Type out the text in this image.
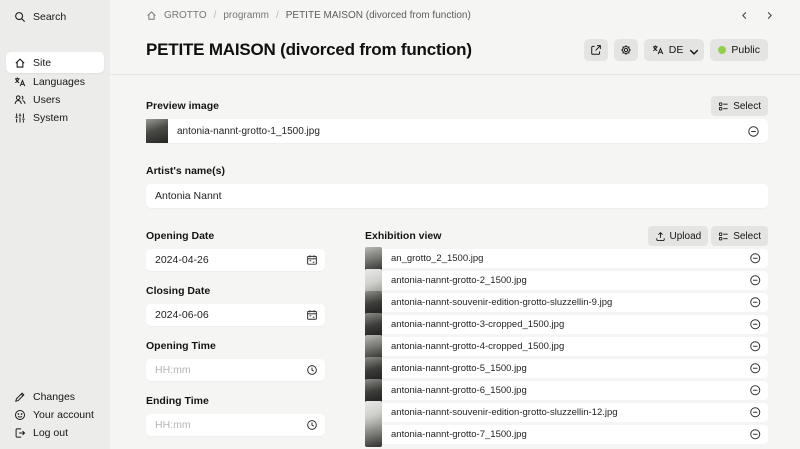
Search
Site
Languages
Users
System
Changes
Your account
Log out
GROTTO / programm / PETITE MAISON (divorced from function)
PETITE MAISON (divorced from function)	DE	Public
Preview image	Select
antonia-nannt-grotto-1_1500.jpg
Artist's name(s)
Antonia Nannt
Opening Date
2024-04-26
Closing Date
2024-06-06
Opening Time
HH:mm
Ending Time
HH:mm
Exhibition view	Upload	Select
an_grotto_2_1500.jpg
antonia-nannt-grotto-2_1500.jpg
antonia-nannt-souvenir-edition-grotto-sluzzellin-9.jpg
antonia-nannt-grotto-3-cropped_1500.jpg
antonia-nannt-grotto-4-cropped_1500.jpg
antonia-nannt-grotto-5_1500.jpg
antonia-nannt-grotto-6_1500.jpg
antonia-nannt-souvenir-edition-grotto-sluzzellin-12.jpg
antonia-nannt-grotto-7_1500.jpg
